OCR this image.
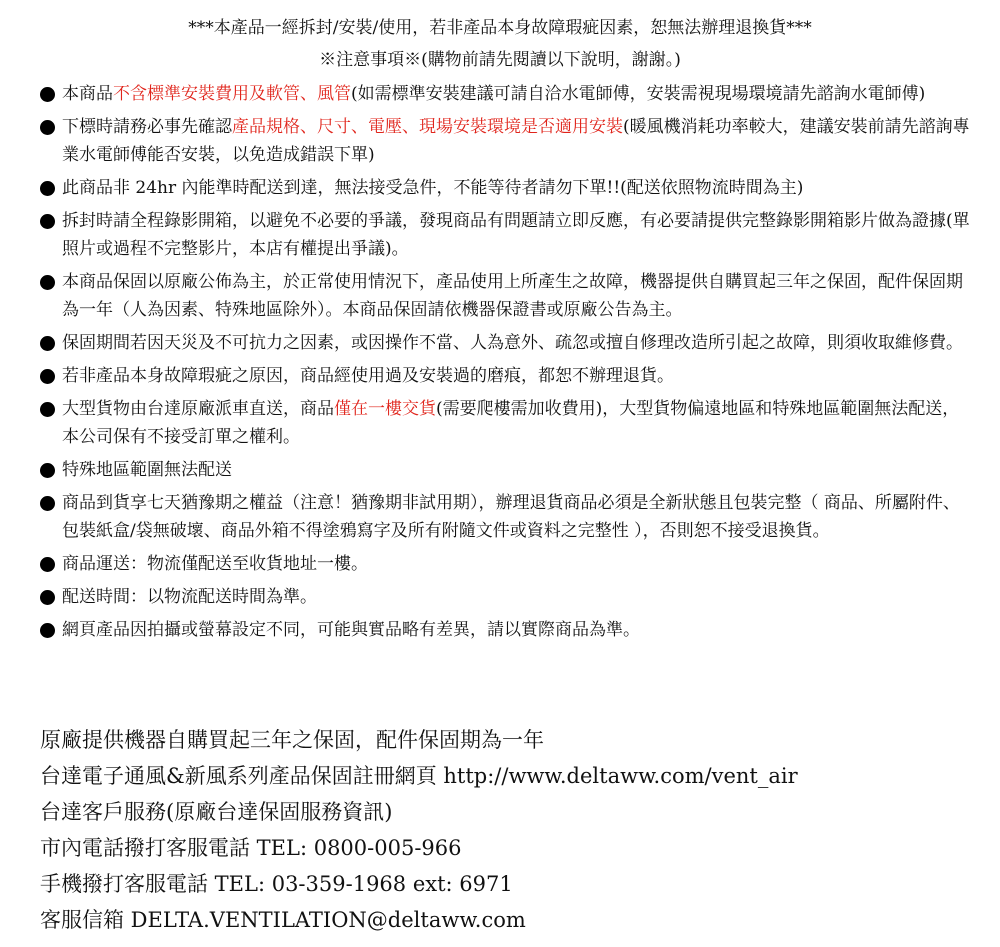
***本產品一經拆封/安裝/使用，若非產品本身故障瑕疵因素，恕無法辦理退換貨***
※注意事項※(購物前請先閱讀以下說明，謝謝。)
本商品不含標準安裝費用及軟管、風管(如需標準安裝建議可請自洽水電師傅，安裝需視現場環境請先諮詢水電師傅)
下標時請務必事先確認產品規格、尺寸、電壓、現場安裝環境是否適用安裝(暖風機消耗功率較大，建議安裝前請先諮詢專業水電師傅能否安裝，以免造成錯誤下單)
此商品非 24hr 內能準時配送到達，無法接受急件，不能等待者請勿下單!!(配送依照物流時間為主)
拆封時請全程錄影開箱，以避免不必要的爭議，發現商品有問題請立即反應，有必要請提供完整錄影開箱影片做為證據(單照片或過程不完整影片，本店有權提出爭議)。
本商品保固以原廠公佈為主，於正常使用情況下，產品使用上所產生之故障，機器提供自購買起三年之保固，配件保固期為一年（人為因素、特殊地區除外）。本商品保固請依機器保證書或原廠公告為主。
保固期間若因天災及不可抗力之因素，或因操作不當、人為意外、疏忽或擅自修理改造所引起之故障，則須收取維修費。
若非產品本身故障瑕疵之原因，商品經使用過及安裝過的磨痕，都恕不辦理退貨。
大型貨物由台達原廠派車直送，商品僅在一樓交貨(需要爬樓需加收費用)，大型貨物偏遠地區和特殊地區範圍無法配送，本公司保有不接受訂單之權利。
特殊地區範圍無法配送
商品到貨享七天猶豫期之權益（注意！猶豫期非試用期），辦理退貨商品必須是全新狀態且包裝完整（ 商品、所屬附件、包裝紙盒/袋無破壞、商品外箱不得塗鴉寫字及所有附隨文件或資料之完整性 ），否則恕不接受退換貨。
商品運送：物流僅配送至收貨地址一樓。
配送時間：以物流配送時間為準。
網頁產品因拍攝或螢幕設定不同，可能與實品略有差異，請以實際商品為準。
原廠提供機器自購買起三年之保固，配件保固期為一年
台達電子通風&新風系列產品保固註冊網頁 http://www.deltaww.com/vent_air
台達客戶服務(原廠台達保固服務資訊)
市內電話撥打客服電話 TEL: 0800-005-966
手機撥打客服電話 TEL: 03-359-1968 ext: 6971
客服信箱 DELTA.VENTILATION@deltaww.com
